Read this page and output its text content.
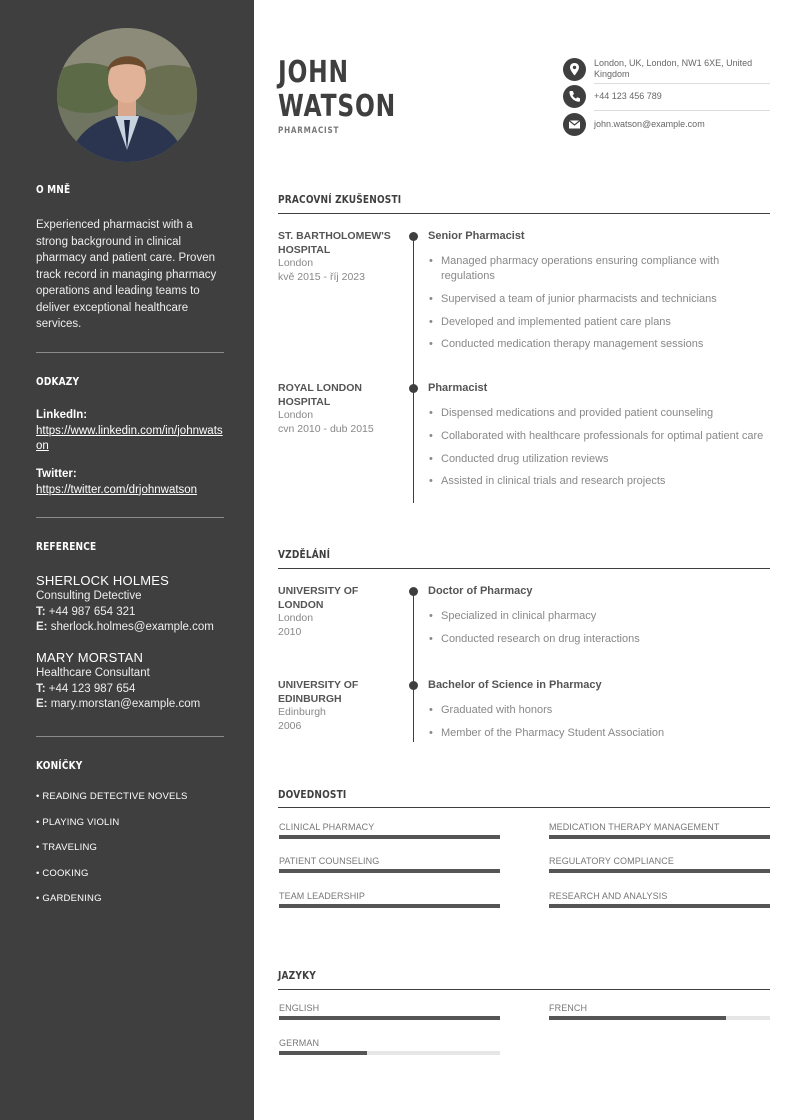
O MNĚ
Experienced pharmacist with a strong background in clinical pharmacy and patient care. Proven track record in managing pharmacy operations and leading teams to deliver exceptional healthcare services.
ODKAZY
LinkedIn:
https://www.linkedin.com/in/johnwatson
Twitter:
https://twitter.com/drjohnwatson
REFERENCE
SHERLOCK HOLMES
Consulting Detective
T: +44 987 654 321
E: sherlock.holmes@example.com
MARY MORSTAN
Healthcare Consultant
T: +44 123 987 654
E: mary.morstan@example.com
KONÍČKY
• READING DETECTIVE NOVELS
• PLAYING VIOLIN
• TRAVELING
• COOKING
• GARDENING
JOHN
WATSON
PHARMACIST
London, UK, London, NW1 6XE, United Kingdom
+44 123 456 789
john.watson@example.com
PRACOVNÍ ZKUŠENOSTI
ST. BARTHOLOMEW'S HOSPITAL
London
kvě 2015 - říj 2023
Senior Pharmacist
• Managed pharmacy operations ensuring compliance with regulations
• Supervised a team of junior pharmacists and technicians
• Developed and implemented patient care plans
• Conducted medication therapy management sessions
ROYAL LONDON HOSPITAL
London
cvn 2010 - dub 2015
Pharmacist
• Dispensed medications and provided patient counseling
• Collaborated with healthcare professionals for optimal patient care
• Conducted drug utilization reviews
• Assisted in clinical trials and research projects
VZDĚLÁNÍ
UNIVERSITY OF LONDON
London
2010
Doctor of Pharmacy
• Specialized in clinical pharmacy
• Conducted research on drug interactions
UNIVERSITY OF EDINBURGH
Edinburgh
2006
Bachelor of Science in Pharmacy
• Graduated with honors
• Member of the Pharmacy Student Association
DOVEDNOSTI
CLINICAL PHARMACY	MEDICATION THERAPY MANAGEMENT
PATIENT COUNSELING	REGULATORY COMPLIANCE
TEAM LEADERSHIP	RESEARCH AND ANALYSIS
JAZYKY
ENGLISH	FRENCH
GERMAN
